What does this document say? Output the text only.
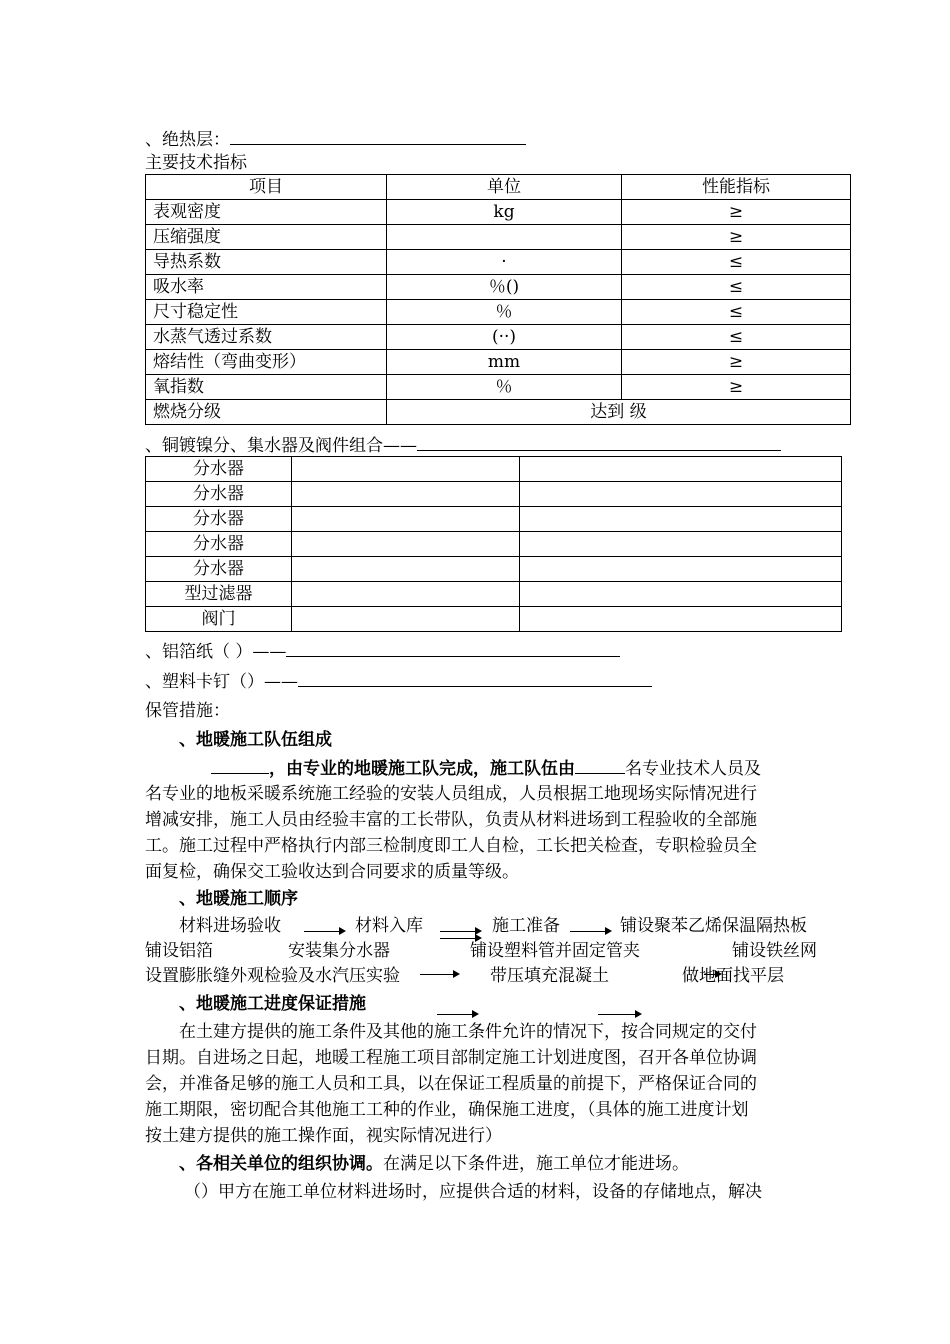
、绝热层：
主要技术指标
项目	单位	性能指标
表观密度	kg	≥
压缩强度		≥
导热系数	·	≤
吸水率	％()	≤
尺寸稳定性	％	≤
水蒸气透过系数	(··)	≤
熔结性（弯曲变形）	mm	≥
氧指数	％	≥
燃烧分级	达到 级	
、铜镀镍分、集水器及阀件组合——
分水器		
分水器		
分水器		
分水器		
分水器		
型过滤器		
阀门		
、铝箔纸（ ）——
、塑料卡钉（）——
保管措施：
、地暖施工队伍组成
，由专业的地暖施工队完成，施工队伍由	名专业技术人员及
名专业的地板采暖系统施工经验的安装人员组成，人员根据工地现场实际情况进行
增减安排，施工人员由经验丰富的工长带队，负责从材料进场到工程验收的全部施
工。施工过程中严格执行内部三检制度即工人自检，工长把关检查，专职检验员全
面复检，确保交工验收达到合同要求的质量等级。
、地暖施工顺序
材料进场验收	材料入库	施工准备	铺设聚苯乙烯保温隔热板
铺设铝箔	安装集分水器	铺设塑料管并固定管夹	铺设铁丝网
设置膨胀缝外观检验及水汽压实验	带压填充混凝土	做地面找平层
、地暖施工进度保证措施
在土建方提供的施工条件及其他的施工条件允许的情况下，按合同规定的交付
日期。自进场之日起，地暖工程施工项目部制定施工计划进度图，召开各单位协调
会，并准备足够的施工人员和工具，以在保证工程质量的前提下，严格保证合同的
施工期限，密切配合其他施工工种的作业，确保施工进度，（具体的施工进度计划
按土建方提供的施工操作面，视实际情况进行）
、各相关单位的组织协调。在满足以下条件进，施工单位才能进场。
（）甲方在施工单位材料进场时，应提供合适的材料，设备的存储地点，解决
